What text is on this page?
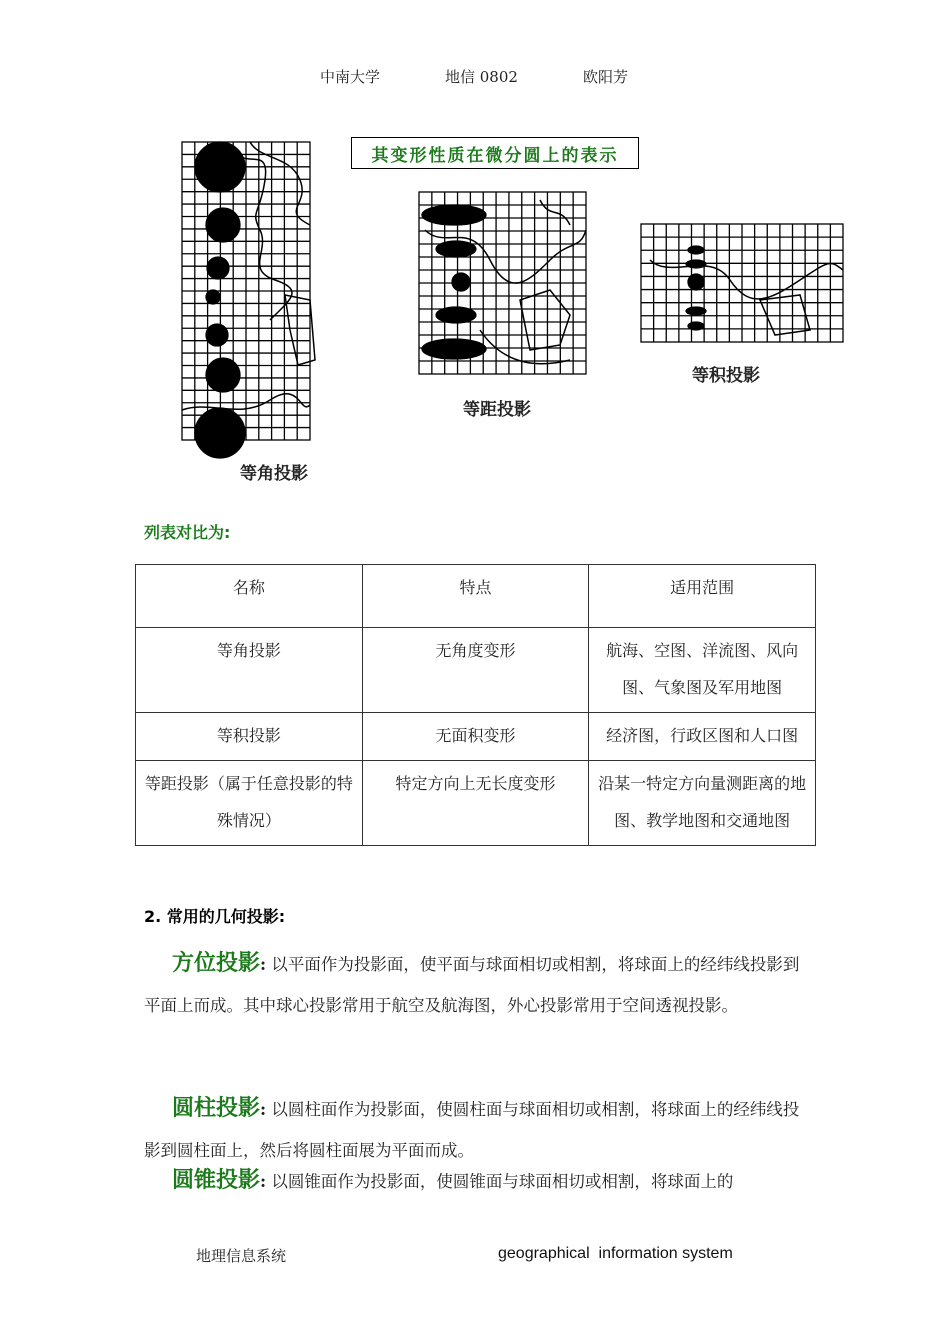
中南大学	地信 0802	欧阳芳
其变形性质在微分圆上的表示
等角投影
等距投影
等积投影
列表对比为:
名称	特点	适用范围
等角投影	无角度变形	航海、空图、洋流图、风向图、气象图及军用地图
等积投影	无面积变形	经济图，行政区图和人口图
等距投影（属于任意投影的特殊情况）	特定方向上无长度变形	沿某一特定方向量测距离的地图、教学地图和交通地图
2. 常用的几何投影:
方位投影: 以平面作为投影面，使平面与球面相切或相割，将球面上的经纬线投影到平面上而成。其中球心投影常用于航空及航海图，外心投影常用于空间透视投影。
圆柱投影: 以圆柱面作为投影面，使圆柱面与球面相切或相割，将球面上的经纬线投影到圆柱面上，然后将圆柱面展为平面而成。
圆锥投影: 以圆锥面作为投影面，使圆锥面与球面相切或相割，将球面上的
地理信息系统	geographical  information system
